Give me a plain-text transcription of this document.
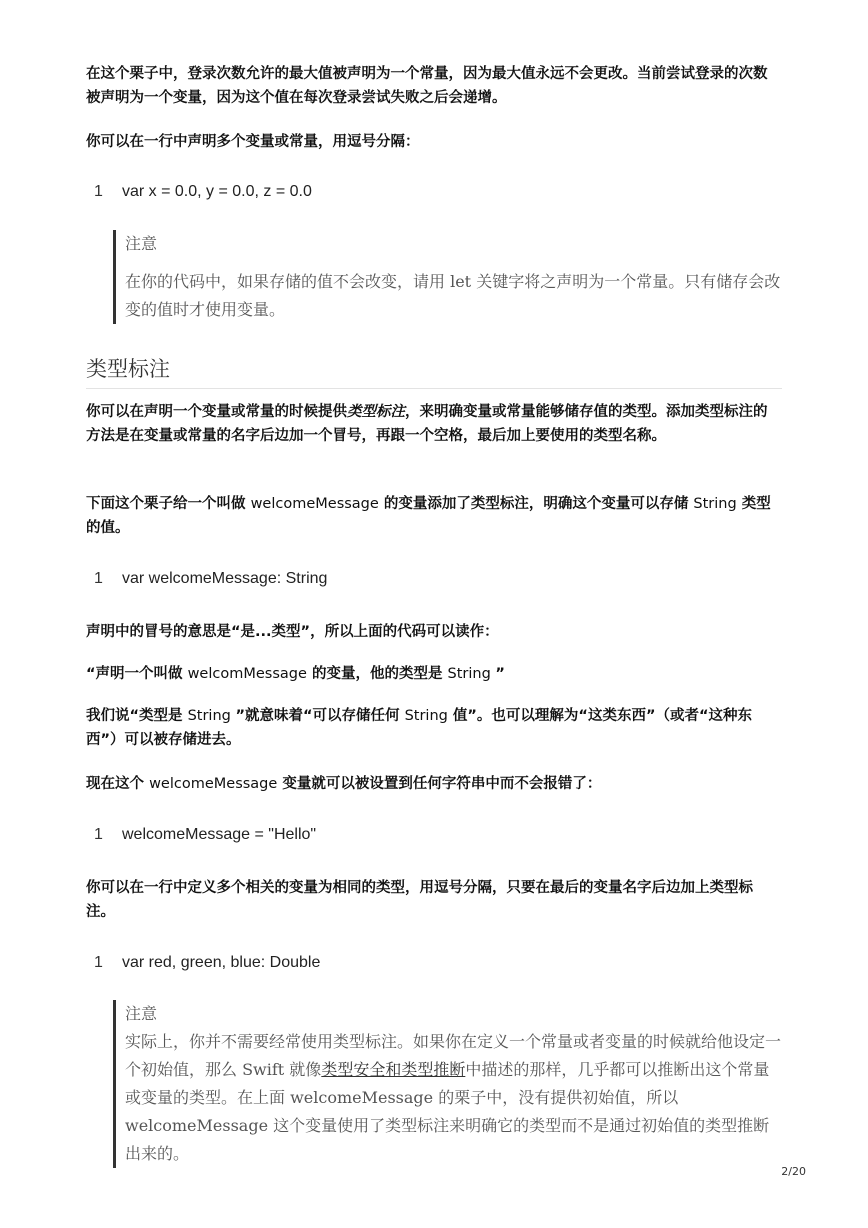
在这个栗子中，登录次数允许的最大值被声明为一个常量，因为最大值永远不会更改。当前尝试登录的次数被声明为一个变量，因为这个值在每次登录尝试失败之后会递增。

你可以在一行中声明多个变量或常量，用逗号分隔：

1 var x = 0.0, y = 0.0, z = 0.0
注意
在你的代码中，如果存储的值不会改变，请用 let 关键字将之声明为一个常量。只有储存会改变的值时才使用变量。
类型标注

你可以在声明一个变量或常量的时候提供类型标注，来明确变量或常量能够储存值的类型。添加类型标注的方法是在变量或常量的名字后边加一个冒号，再跟一个空格，最后加上要使用的类型名称。

下面这个栗子给一个叫做 welcomeMessage 的变量添加了类型标注，明确这个变量可以存储 String 类型的值。

1 var welcomeMessage: String

声明中的冒号的意思是“是...类型”，所以上面的代码可以读作：

“声明一个叫做 welcomMessage 的变量，他的类型是 String ”

我们说“类型是 String ”就意味着“可以存储任何 String 值”。也可以理解为“这类东西”（或者“这种东西”）可以被存储进去。

现在这个 welcomeMessage 变量就可以被设置到任何字符串中而不会报错了：

1 welcomeMessage = "Hello"

你可以在一行中定义多个相关的变量为相同的类型，用逗号分隔，只要在最后的变量名字后边加上类型标注。

1 var red, green, blue: Double
注意
实际上，你并不需要经常使用类型标注。如果你在定义一个常量或者变量的时候就给他设定一个初始值，那么 Swift 就像类型安全和类型推断中描述的那样，几乎都可以推断出这个常量或变量的类型。在上面 welcomeMessage 的栗子中，没有提供初始值，所以 welcomeMessage 这个变量使用了类型标注来明确它的类型而不是通过初始值的类型推断出来的。
2/20
